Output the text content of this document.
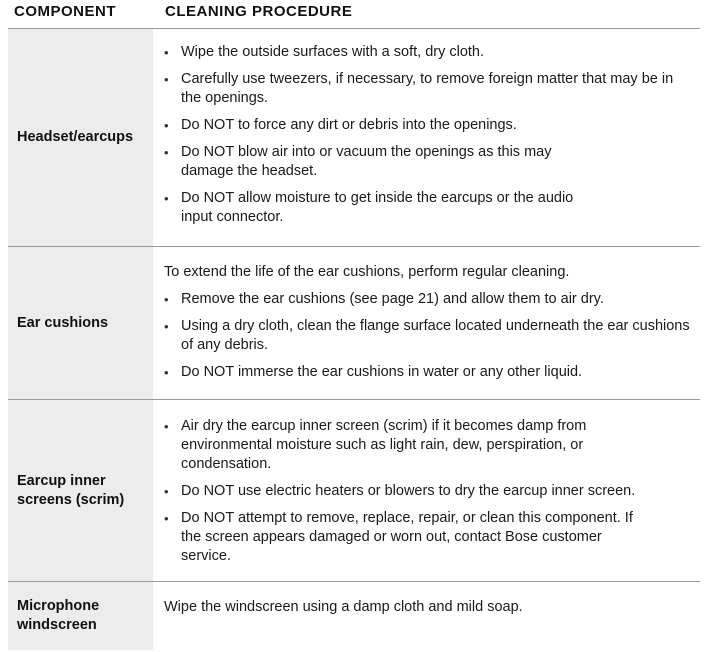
COMPONENT	CLEANING PROCEDURE
Headset/earcups
• Wipe the outside surfaces with a soft, dry cloth.
• Carefully use tweezers, if necessary, to remove foreign matter that may be in the openings.
• Do NOT to force any dirt or debris into the openings.
• Do NOT blow air into or vacuum the openings as this may damage the headset.
• Do NOT allow moisture to get inside the earcups or the audio input connector.
Ear cushions

To extend the life of the ear cushions, perform regular cleaning.

• Remove the ear cushions (see page 21) and allow them to air dry.
• Using a dry cloth, clean the flange surface located underneath the ear cushions of any debris.
• Do NOT immerse the ear cushions in water or any other liquid.
Earcup inner screens (scrim)
• Air dry the earcup inner screen (scrim) if it becomes damp from environmental moisture such as light rain, dew, perspiration, or condensation.
• Do NOT use electric heaters or blowers to dry the earcup inner screen.
• Do NOT attempt to remove, replace, repair, or clean this component. If the screen appears damaged or worn out, contact Bose customer service.
Microphone windscreen

Wipe the windscreen using a damp cloth and mild soap.
